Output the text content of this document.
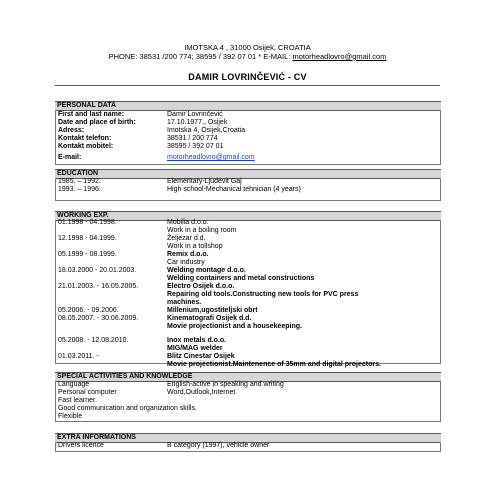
IMOTSKA 4 , 31000 Osijek, CROATIA
PHONE: 38531 /200 774; 38595 / 392 07 01 * E-MAIL: motorheadlovro@gmail.com
DAMIR LOVRINČEVIĆ - CV
PERSONAL DATA
First and last name:	Damir Lovrinčević
Date and place of birth:	17.10.1977., Osijek
Adress:	Imotska 4, Osijek,Croatia
Kontakt telefon:	38531 / 200 774
Kontakt mobitel:	38595 / 392 07 01
E-mail:	motorheadlovro@gmail.com
EDUCATION
1985. – 1992.	Elementary-Ljudevit Gaj
1993. – 1996.	High school-Mechanical tehnician (4 years)
WORKING EXP.
01.1998 - 04.1998.	Mobilia d.o.o.
Work in a boiling room
12.1998 - 04.1999.	Željezar d.d.
Work in a tollshop
05.1999 - 08.1999.	Remix d.o.o.
Car industry
18.03.2000 - 20.01.2003.	Welding montage d.o.o.
Welding containers and metal constructions
21.01.2003. - 16.05.2005.	Electro Osijek d.o.o.
Repairing old tools.Constructing new tools for PVC press
machines.
05.2006. - 09.2006.	Millenium,ugostiteljski obrt
08.05.2007. - 30.06.2009.	Kinematografi Osijek d.d.
Movie projectionist and a housekeeping.
05.2008. - 12.08.2010.	Inox metals d.o.o.
MIG/MAG welder
01.03.2011. -	Blitz Cinestar Osijek
Movie projectionist.Maintenence of 35mm and digital projectors.
SPECIAL ACTIVITIES AND KNOWLEDGE
Language	English-active in speaking and writing
Personal computer	Word,Outlook,Internet
Fast learner.
Good communication and organization skills.
Flexible
EXTRA INFORMATIONS
Drivers licence	B category (1997), vehicle owner
